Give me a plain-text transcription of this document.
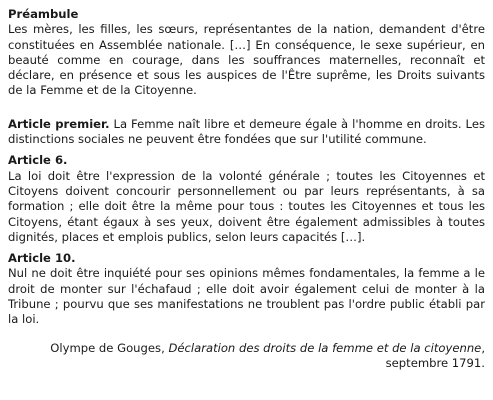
Préambule
Les mères, les filles, les sœurs, représentantes de la nation, demandent d'être constituées en Assemblée nationale. […] En conséquence, le sexe supérieur, en beauté comme en courage, dans les souffrances maternelles, reconnaît et déclare, en présence et sous les auspices de l'Être suprême, les Droits suivants de la Femme et de la Citoyenne.
Article premier. La Femme naît libre et demeure égale à l'homme en droits. Les distinctions sociales ne peuvent être fondées que sur l'utilité commune.
Article 6.
La loi doit être l'expression de la volonté générale ; toutes les Citoyennes et Citoyens doivent concourir personnellement ou par leurs représentants, à sa formation ; elle doit être la même pour tous : toutes les Citoyennes et tous les Citoyens, étant égaux à ses yeux, doivent être également admissibles à toutes dignités, places et emplois publics, selon leurs capacités […].
Article 10.
Nul ne doit être inquiété pour ses opinions mêmes fondamentales, la femme a le droit de monter sur l'échafaud ; elle doit avoir également celui de monter à la Tribune ; pourvu que ses manifestations ne troublent pas l'ordre public établi par la loi.
Olympe de Gouges, Déclaration des droits de la femme et de la citoyenne, septembre 1791.
